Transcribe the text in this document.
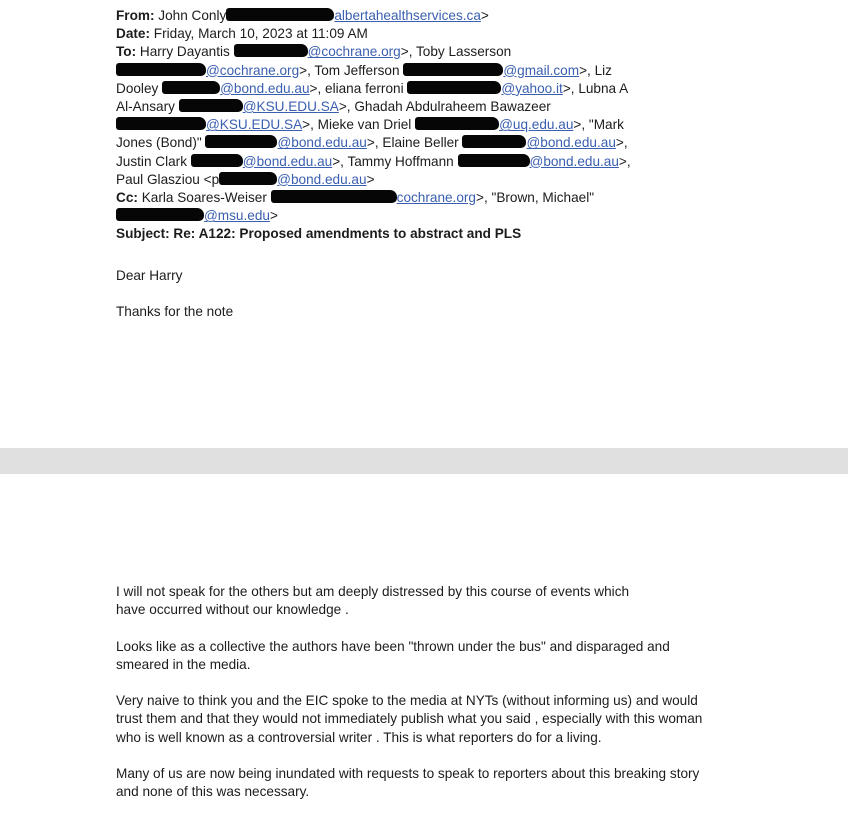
From: John Conly	albertahealthservices.ca>
Date: Friday, March 10, 2023 at 11:09 AM
To: Harry Dayantis	@cochrane.org>, Toby Lasserson
@cochrane.org>, Tom Jefferson	@gmail.com>, Liz
Dooley	@bond.edu.au>, eliana ferroni	@yahoo.it>, Lubna A
Al-Ansary	@KSU.EDU.SA>, Ghadah Abdulraheem Bawazeer
@KSU.EDU.SA>, Mieke van Driel	@uq.edu.au>, "Mark
Jones (Bond)"	@bond.edu.au>, Elaine Beller	@bond.edu.au>,
Justin Clark	@bond.edu.au>, Tammy Hoffmann	@bond.edu.au>,
Paul Glasziou <p	@bond.edu.au>
Cc: Karla Soares-Weiser	cochrane.org>, "Brown, Michael"
@msu.edu>
Subject: Re: A122: Proposed amendments to abstract and PLS
Dear Harry
Thanks for the note

I will not speak for the others but am deeply distressed by this course of events which have occurred without our knowledge .

Looks like as a collective the authors have been "thrown under the bus" and disparaged and smeared in the media.

Very naive to think you and the EIC spoke to the media at NYTs (without informing us) and would trust them and that they would not immediately publish what you said , especially with this woman who is well known as a controversial writer . This is what reporters do for a living.

Many of us are now being inundated with requests to speak to reporters about this breaking story and none of this was necessary.
